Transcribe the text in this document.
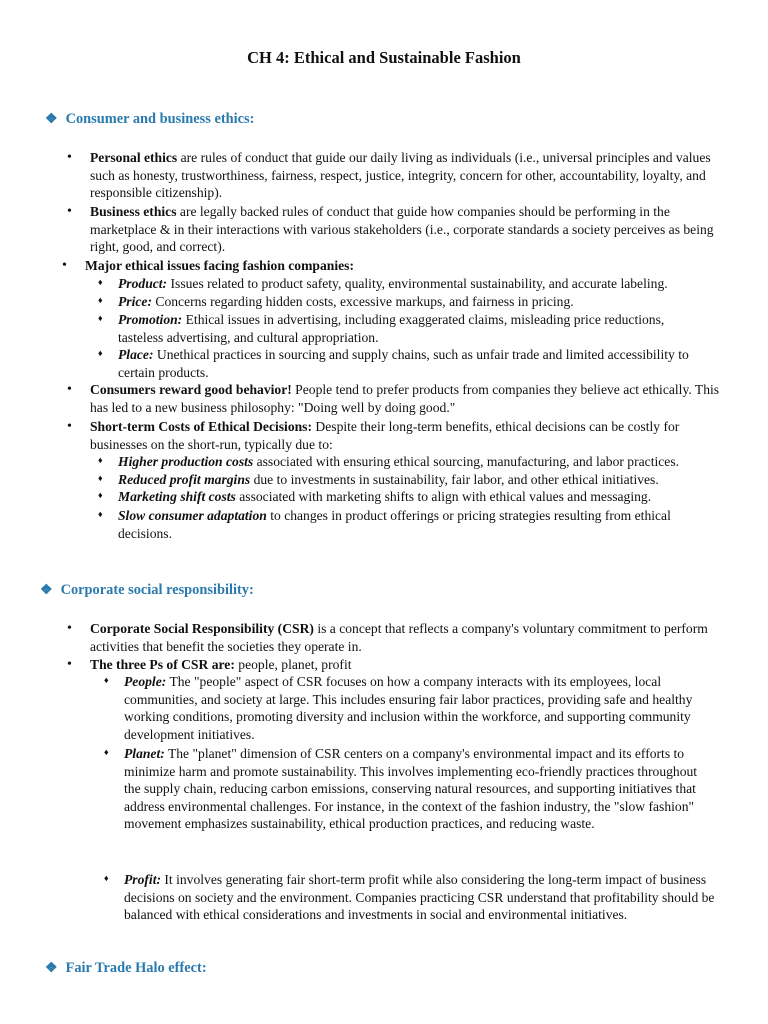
CH 4: Ethical and Sustainable Fashion
❖ Consumer and business ethics:
• Personal ethics are rules of conduct that guide our daily living as individuals (i.e., universal principles and values such as honesty, trustworthiness, fairness, respect, justice, integrity, concern for other, accountability, loyalty, and responsible citizenship).
• Business ethics are legally backed rules of conduct that guide how companies should be performing in the marketplace & in their interactions with various stakeholders (i.e., corporate standards a society perceives as being right, good, and correct).
• Major ethical issues facing fashion companies:
♦ Product: Issues related to product safety, quality, environmental sustainability, and accurate labeling.
♦ Price: Concerns regarding hidden costs, excessive markups, and fairness in pricing.
♦ Promotion: Ethical issues in advertising, including exaggerated claims, misleading price reductions, tasteless advertising, and cultural appropriation.
♦ Place: Unethical practices in sourcing and supply chains, such as unfair trade and limited accessibility to certain products.
• Consumers reward good behavior! People tend to prefer products from companies they believe act ethically. This has led to a new business philosophy: "Doing well by doing good."
• Short-term Costs of Ethical Decisions: Despite their long-term benefits, ethical decisions can be costly for businesses on the short-run, typically due to:
♦ Higher production costs associated with ensuring ethical sourcing, manufacturing, and labor practices.
♦ Reduced profit margins due to investments in sustainability, fair labor, and other ethical initiatives.
♦ Marketing shift costs associated with marketing shifts to align with ethical values and messaging.
♦ Slow consumer adaptation to changes in product offerings or pricing strategies resulting from ethical decisions.
❖ Corporate social responsibility:
• Corporate Social Responsibility (CSR) is a concept that reflects a company's voluntary commitment to perform activities that benefit the societies they operate in.
• The three Ps of CSR are: people, planet, profit
♦ People: The "people" aspect of CSR focuses on how a company interacts with its employees, local communities, and society at large. This includes ensuring fair labor practices, providing safe and healthy working conditions, promoting diversity and inclusion within the workforce, and supporting community development initiatives.
♦ Planet: The "planet" dimension of CSR centers on a company's environmental impact and its efforts to minimize harm and promote sustainability. This involves implementing eco-friendly practices throughout the supply chain, reducing carbon emissions, conserving natural resources, and supporting initiatives that address environmental challenges. For instance, in the context of the fashion industry, the "slow fashion" movement emphasizes sustainability, ethical production practices, and reducing waste.
♦ Profit: It involves generating fair short-term profit while also considering the long-term impact of business decisions on society and the environment. Companies practicing CSR understand that profitability should be balanced with ethical considerations and investments in social and environmental initiatives.
❖ Fair Trade Halo effect:
